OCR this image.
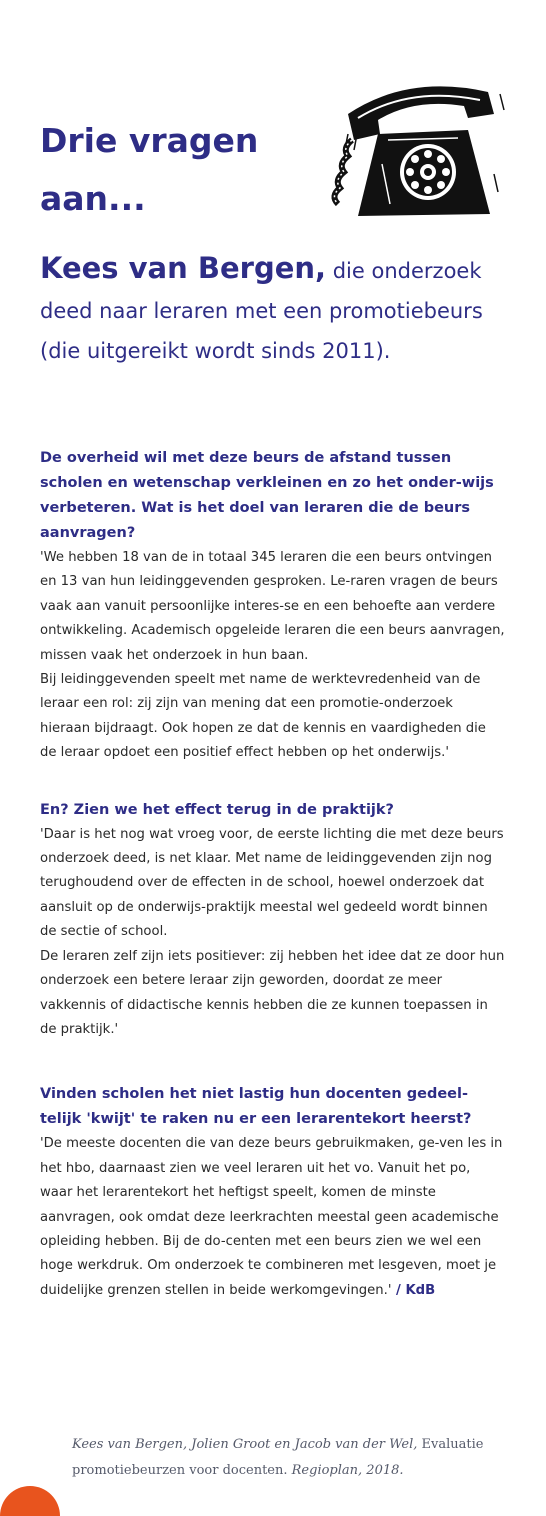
Drie vragen
aan...

Kees van Bergen, die onderzoek deed naar leraren met een promotiebeurs (die uitgereikt wordt sinds 2011).

De overheid wil met deze beurs de afstand tussen scholen en wetenschap verkleinen en zo het onder-wijs verbeteren. Wat is het doel van leraren die de beurs aanvragen?

'We hebben 18 van de in totaal 345 leraren die een beurs ontvingen en 13 van hun leidinggevenden gesproken. Le-raren vragen de beurs vaak aan vanuit persoonlijke interes-se en een behoefte aan verdere ontwikkeling. Academisch opgeleide leraren die een beurs aanvragen, missen vaak het onderzoek in hun baan.

Bij leidinggevenden speelt met name de werktevredenheid van de leraar een rol: zij zijn van mening dat een promotie-onderzoek hieraan bijdraagt. Ook hopen ze dat de kennis en vaardigheden die de leraar opdoet een positief effect hebben op het onderwijs.'

En? Zien we het effect terug in de praktijk?

'Daar is het nog wat vroeg voor, de eerste lichting die met deze beurs onderzoek deed, is net klaar. Met name de leidinggevenden zijn nog terughoudend over de effecten in de school, hoewel onderzoek dat aansluit op de onderwijs-praktijk meestal wel gedeeld wordt binnen de sectie of school.

De leraren zelf zijn iets positiever: zij hebben het idee dat ze door hun onderzoek een betere leraar zijn geworden, doordat ze meer vakkennis of didactische kennis hebben die ze kunnen toepassen in de praktijk.'

Vinden scholen het niet lastig hun docenten gedeel-telijk 'kwijt' te raken nu er een lerarentekort heerst?

'De meeste docenten die van deze beurs gebruikmaken, ge-ven les in het hbo, daarnaast zien we veel leraren uit het vo. Vanuit het po, waar het lerarentekort het heftigst speelt, komen de minste aanvragen, ook omdat deze leerkrachten meestal geen academische opleiding hebben. Bij de do-centen met een beurs zien we wel een hoge werkdruk. Om onderzoek te combineren met lesgeven, moet je duidelijke grenzen stellen in beide werkomgevingen.' / KdB

Kees van Bergen, Jolien Groot en Jacob van der Wel, Evaluatie promotiebeurzen voor docenten. Regioplan, 2018.
